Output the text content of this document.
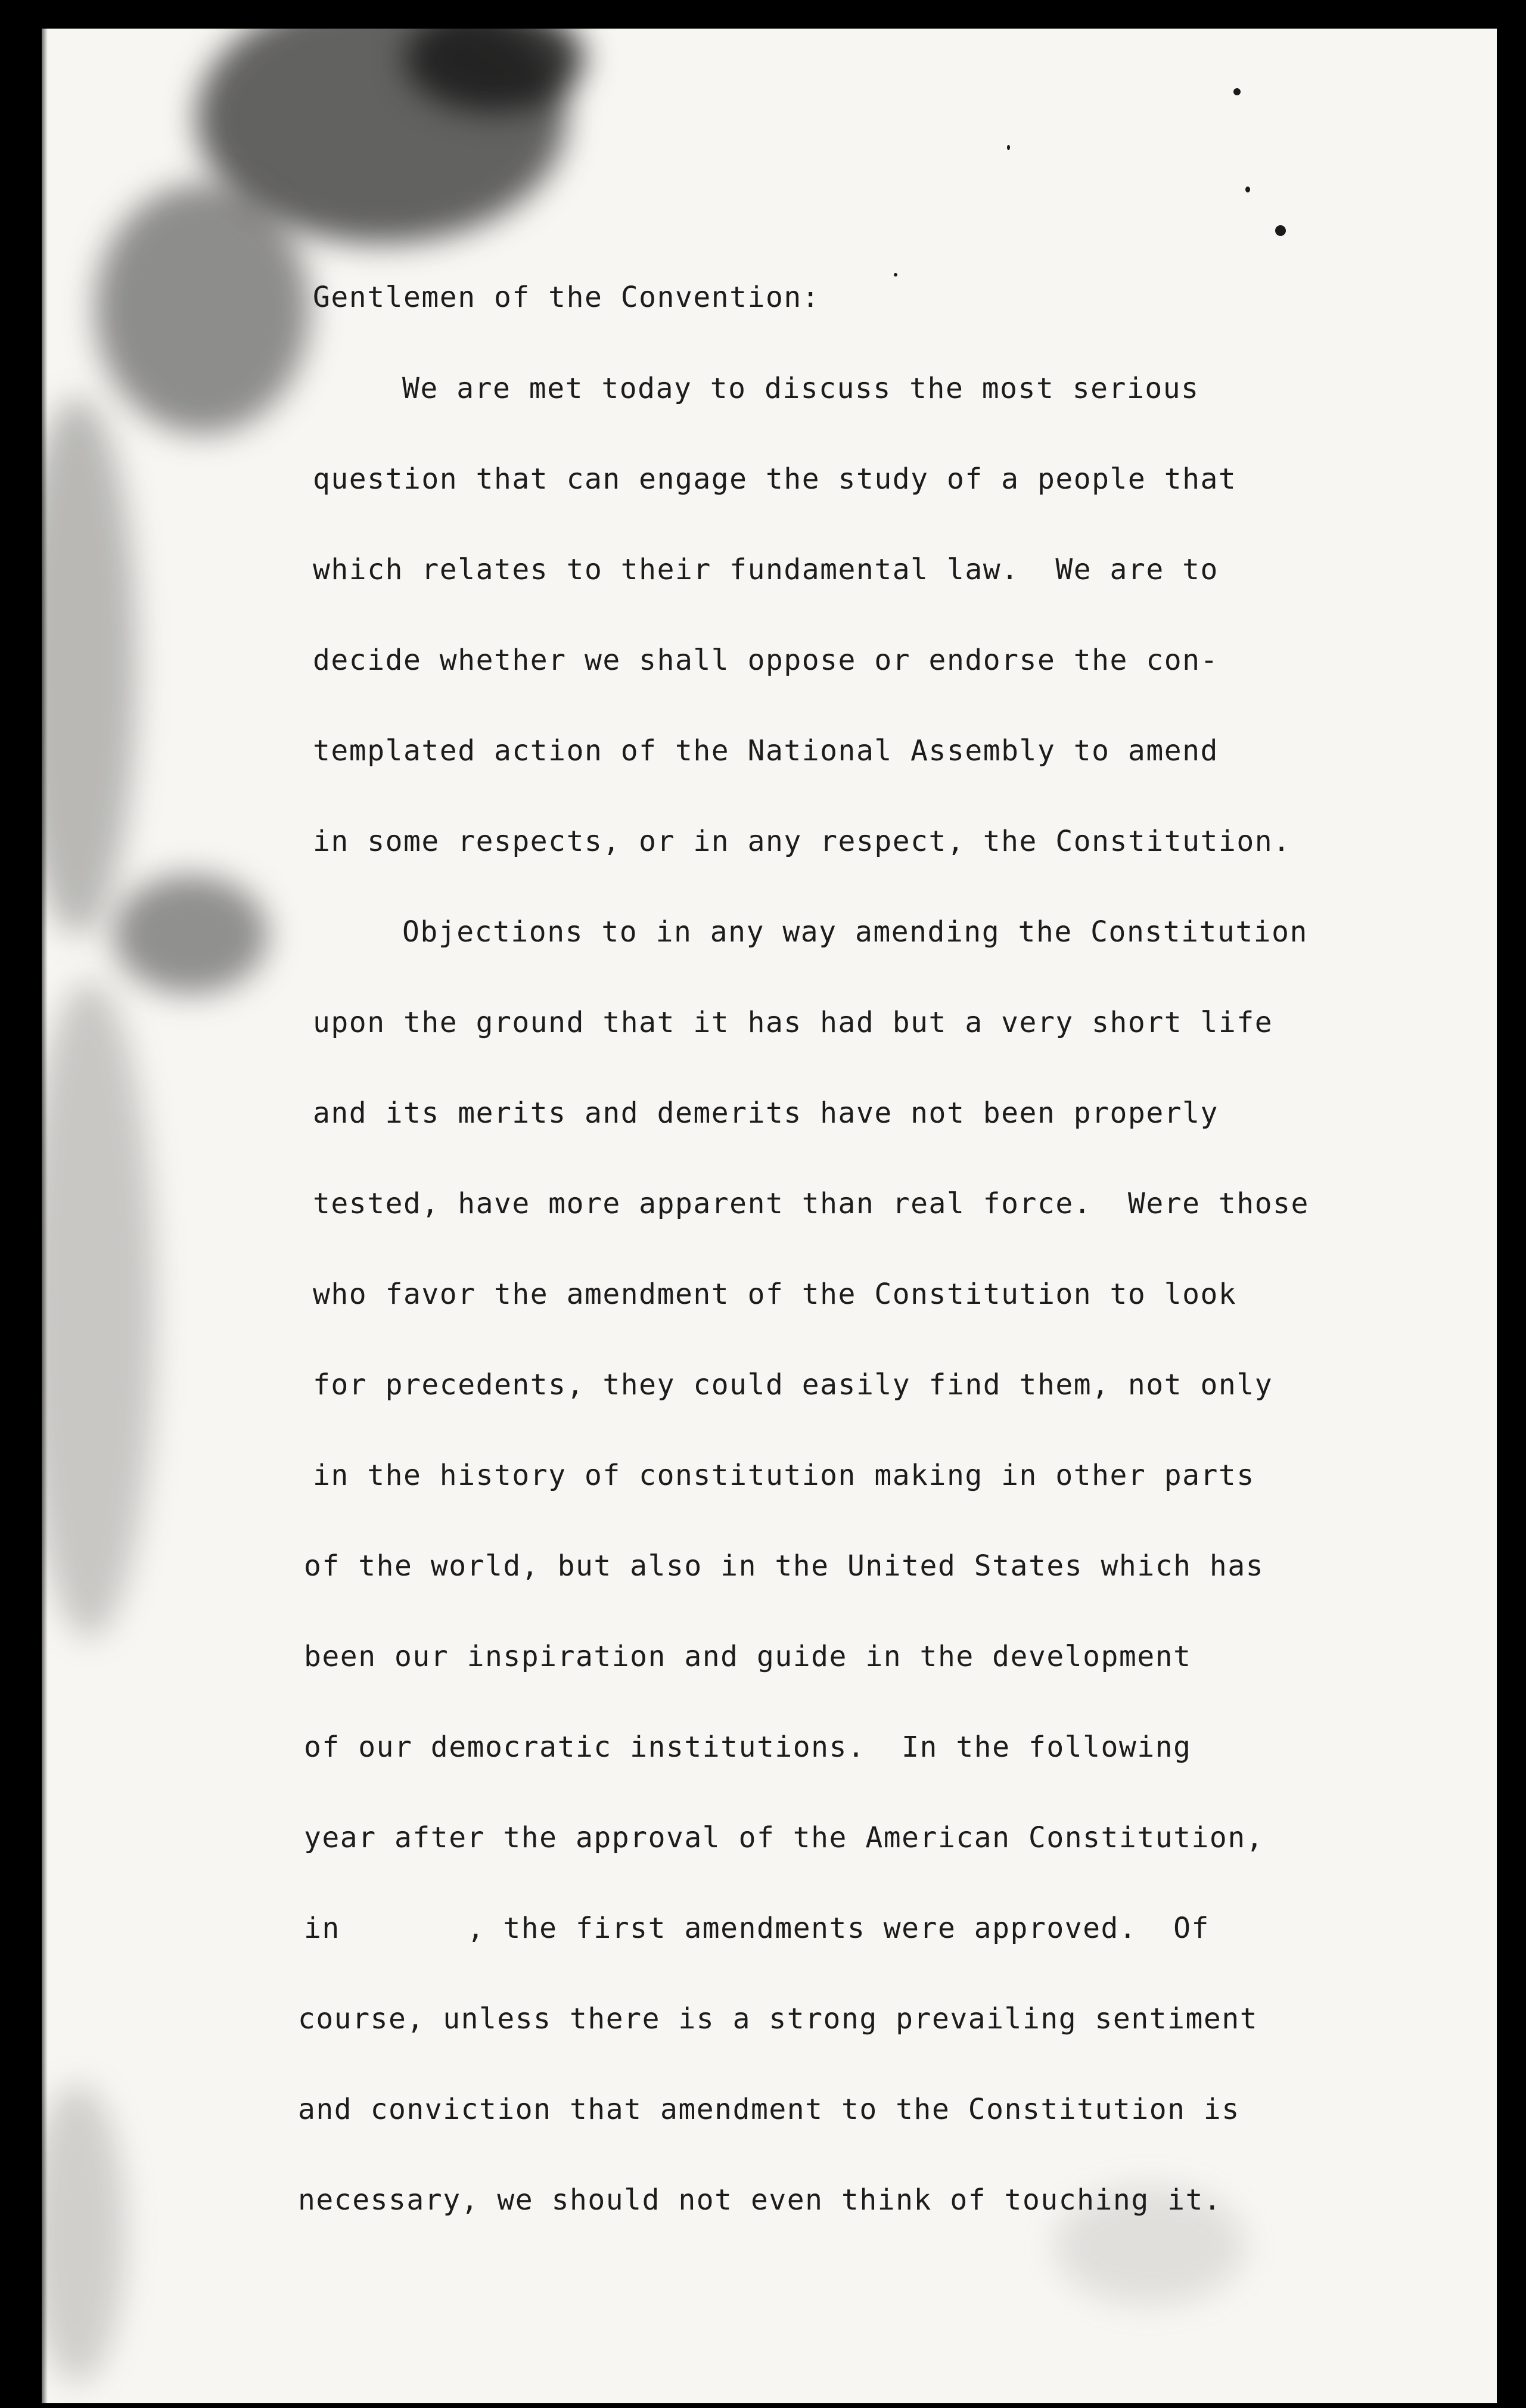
Gentlemen of the Convention:
We are met today to discuss the most serious
question that can engage the study of a people that
which relates to their fundamental law.  We are to
decide whether we shall oppose or endorse the con-
templated action of the National Assembly to amend
in some respects, or in any respect, the Constitution.
Objections to in any way amending the Constitution
upon the ground that it has had but a very short life
and its merits and demerits have not been properly
tested, have more apparent than real force.  Were those
who favor the amendment of the Constitution to look
for precedents, they could easily find them, not only
in the history of constitution making in other parts
of the world, but also in the United States which has
been our inspiration and guide in the development
of our democratic institutions.  In the following
year after the approval of the American Constitution,
in       , the first amendments were approved.  Of
course, unless there is a strong prevailing sentiment
and conviction that amendment to the Constitution is
necessary, we should not even think of touching it.
